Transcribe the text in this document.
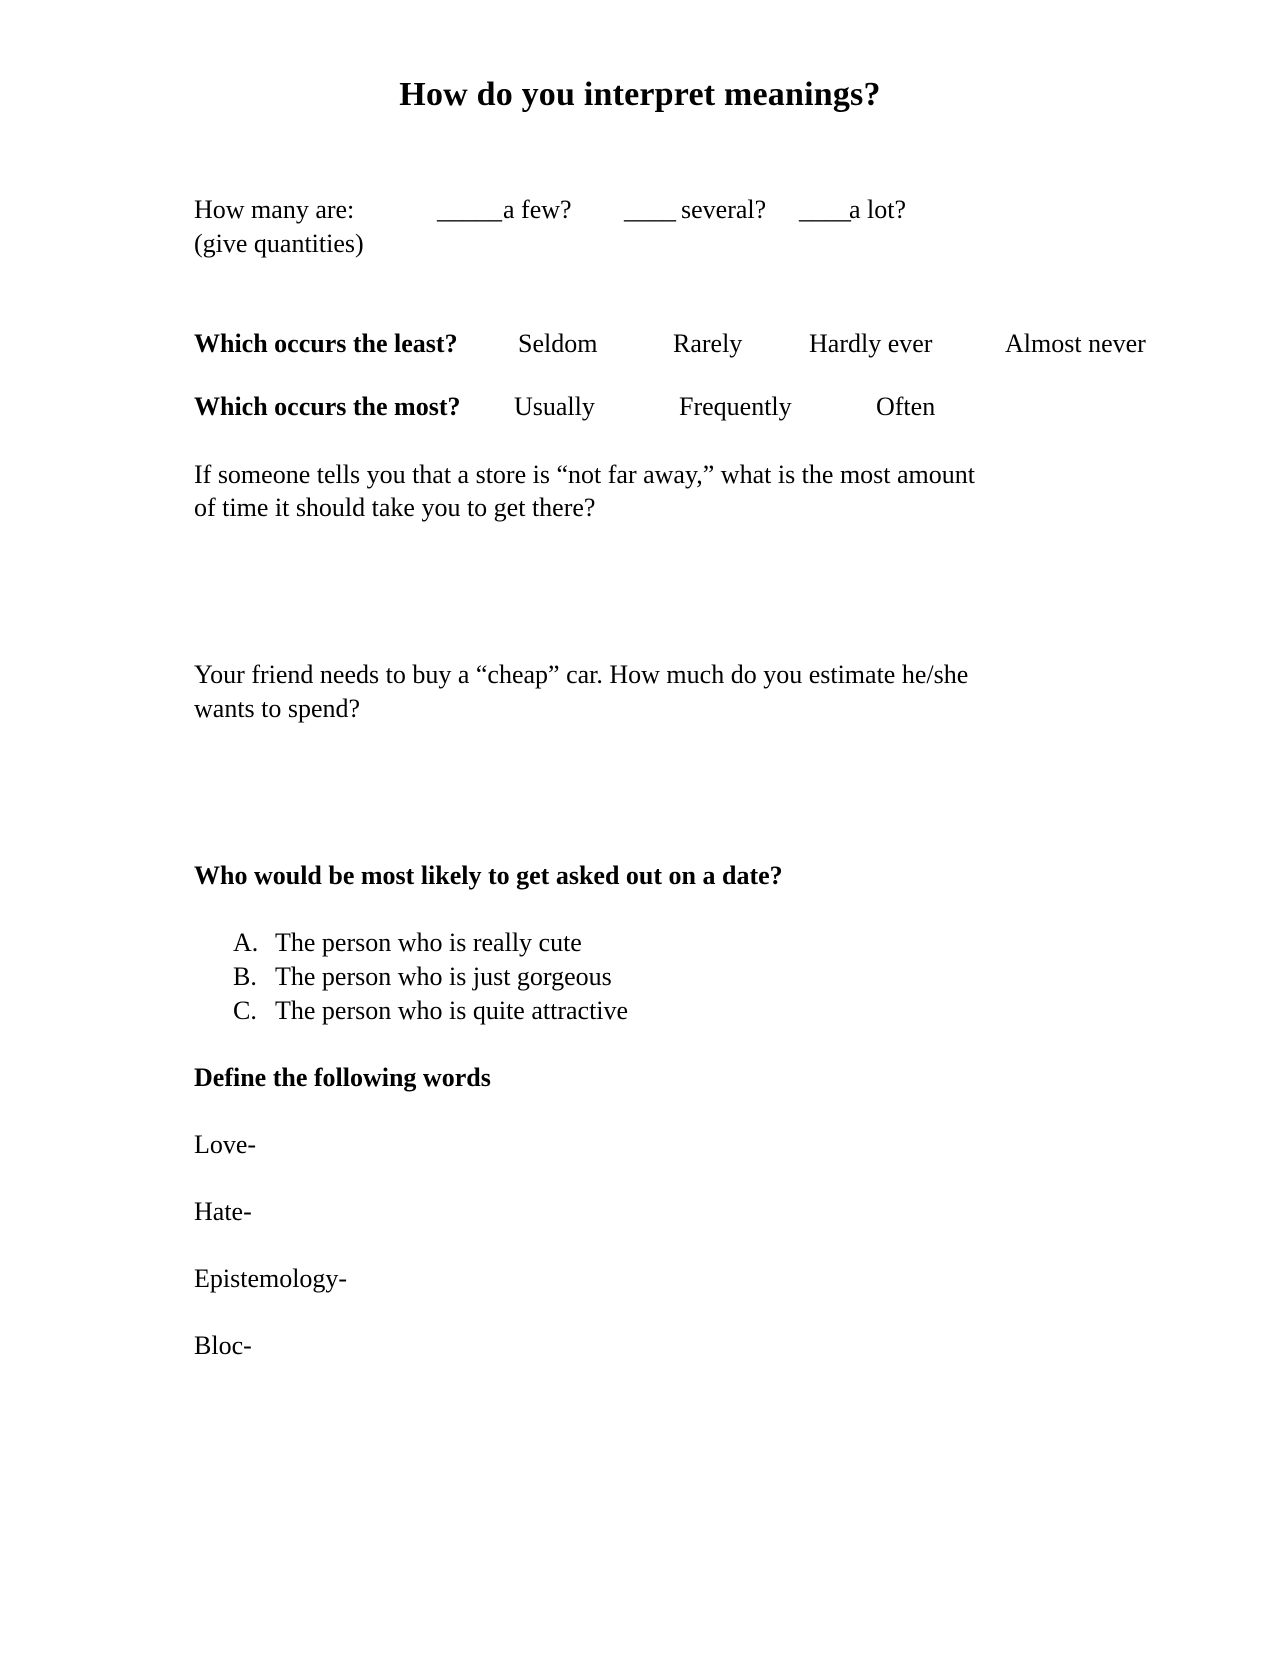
How do you interpret meanings?
How many are:
(give quantities)
_____ a few? ____ several? ____
a lot?
Which occurs the least? Seldom	Rarely	Hardly ever	Almost never
Which occurs the most? Usually	Frequently	Often
If someone tells you that a store is “not far away,” what is the most amount
of time it should take you to get there?
Your friend needs to buy a “cheap” car. How much do you estimate he/she
wants to spend?
Who would be most likely to get asked out on a date?
A. The person who is really cute
B. The person who is just gorgeous
C. The person who is quite attractive
Define the following words
Love-
Hate-
Epistemology-
Bloc-
